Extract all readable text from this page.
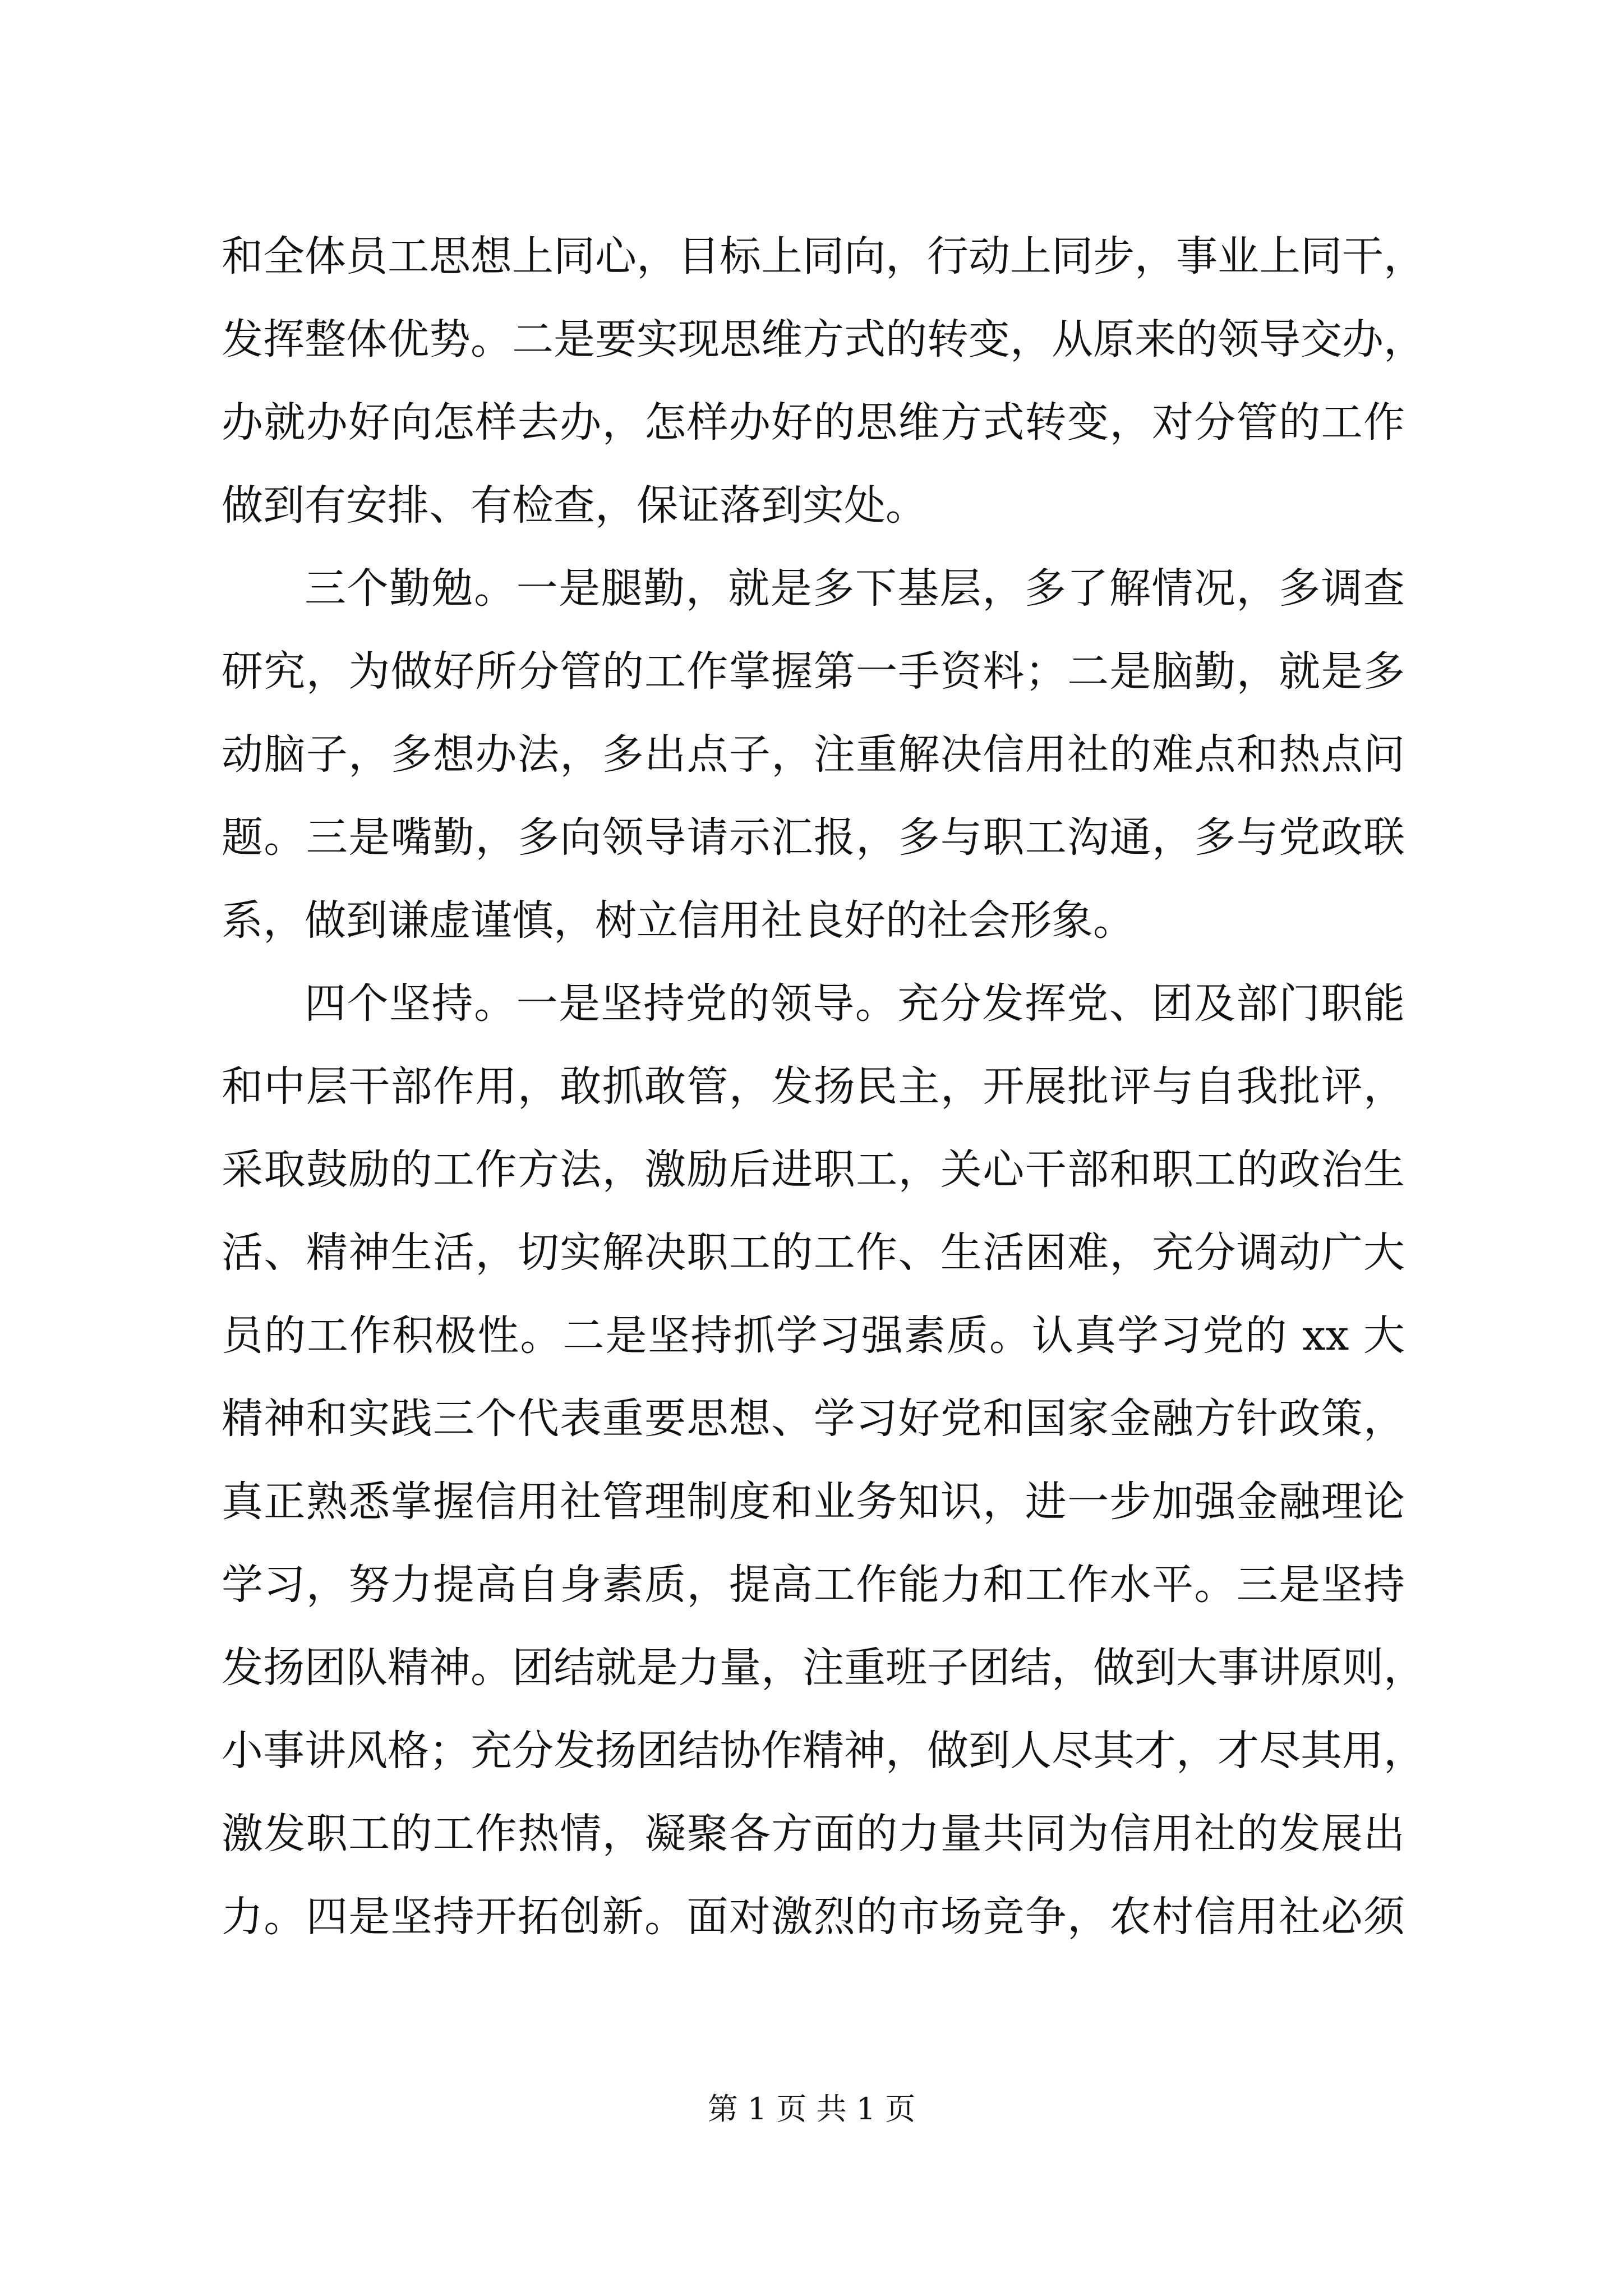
和全体员工思想上同心，目标上同向，行动上同步，事业上同干，
发挥整体优势。二是要实现思维方式的转变，从原来的领导交办，
办就办好向怎样去办，怎样办好的思维方式转变，对分管的工作
做到有安排、有检查，保证落到实处。
三个勤勉。一是腿勤，就是多下基层，多了解情况，多调查
研究，为做好所分管的工作掌握第一手资料；二是脑勤，就是多
动脑子，多想办法，多出点子，注重解决信用社的难点和热点问
题。三是嘴勤，多向领导请示汇报，多与职工沟通，多与党政联
系，做到谦虚谨慎，树立信用社良好的社会形象。
四个坚持。一是坚持党的领导。充分发挥党、团及部门职能
和中层干部作用，敢抓敢管，发扬民主，开展批评与自我批评，
采取鼓励的工作方法，激励后进职工，关心干部和职工的政治生
活、精神生活，切实解决职工的工作、生活困难，充分调动广大
员的工作积极性。二是坚持抓学习强素质。认真学习党的 xx 大
精神和实践三个代表重要思想、学习好党和国家金融方针政策，
真正熟悉掌握信用社管理制度和业务知识，进一步加强金融理论
学习，努力提高自身素质，提高工作能力和工作水平。三是坚持
发扬团队精神。团结就是力量，注重班子团结，做到大事讲原则，
小事讲风格；充分发扬团结协作精神，做到人尽其才，才尽其用，
激发职工的工作热情，凝聚各方面的力量共同为信用社的发展出
力。四是坚持开拓创新。面对激烈的市场竞争，农村信用社必须
第 1 页 共 1 页
